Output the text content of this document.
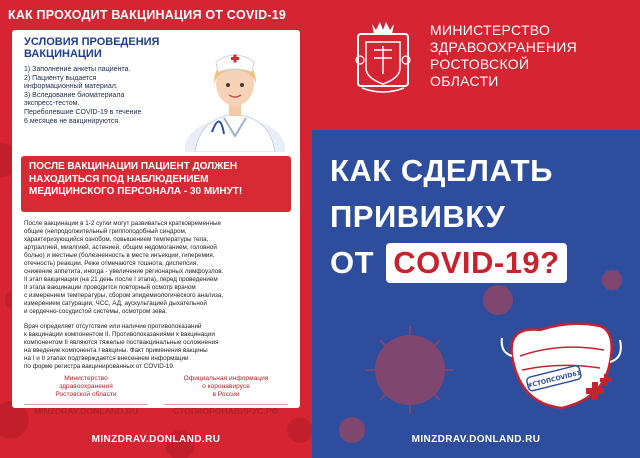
КАК ПРОХОДИТ ВАКЦИНАЦИЯ ОТ COVID-19
УСЛОВИЯ ПРОВЕДЕНИЯ
ВАКЦИНАЦИИ
1) Заполнение анкеты пациента.
2) Пациенту выдается
информационный материал.
3) Вследование биоматериала
экспресс-тестом.
Переболевшие COVID-19 в течение
6 месяцев не вакцинируются.
ПОСЛЕ ВАКЦИНАЦИИ ПАЦИЕНТ ДОЛЖЕН
НАХОДИТЬСЯ ПОД НАБЛЮДЕНИЕМ
МЕДИЦИНСКОГО ПЕРСОНАЛА - 30 МИНУТ!
После вакцинации в 1-2 сутки могут развиваться кратковременные
общие (непродолжительный гриппоподобный синдром,
характеризующийся ознобом, повышением температуры тела,
артралгией, миалгией, астенией, общим недомоганием, головной
болью) и местные (болезненность в месте инъекции, гиперемия,
отечность) реакции. Реже отмечаются тошнота, диспепсия,
снижение аппетита, иногда - увеличение регионарных лимфоузлов.
II этап вакцинации (на 21 день после I этапа), перед проведением
II этапа вакцинации проводится повторный осмотр врачом
с измерением температуры, сбором эпидемиологического анализа,
измерением сатурации, ЧСС, АД, аускультацией дыхательной
и сердечно-сосудистой системы, осмотром зева.
Врач определяет отсутствие или наличие противопоказаний
к вакцинации компонентом II. Противопоказаниями к вакцинации
компонентом II являются тяжелые поствакцинальные осложнения
на введение компонента I вакцины. Факт применения вакцины
на I и II этапах подтверждается внесением информации
по форме регистра вакцинированных от COVID-19.
Министерство
здравоохранения
Ростовской области
MINZDRAV.DONLAND.RU
Официальная информация
о коронавирусе
в России
СТОПКОРОНАВИРУС.РФ
MINZDRAV.DONLAND.RU
МИНИСТЕРСТВО
ЗДРАВООХРАНЕНИЯ
РОСТОВСКОЙ
ОБЛАСТИ
КАК СДЕЛАТЬ
ПРИВИВКУ
ОТ COVID-19?
#СТОПCOVID61
MINZDRAV.DONLAND.RU
